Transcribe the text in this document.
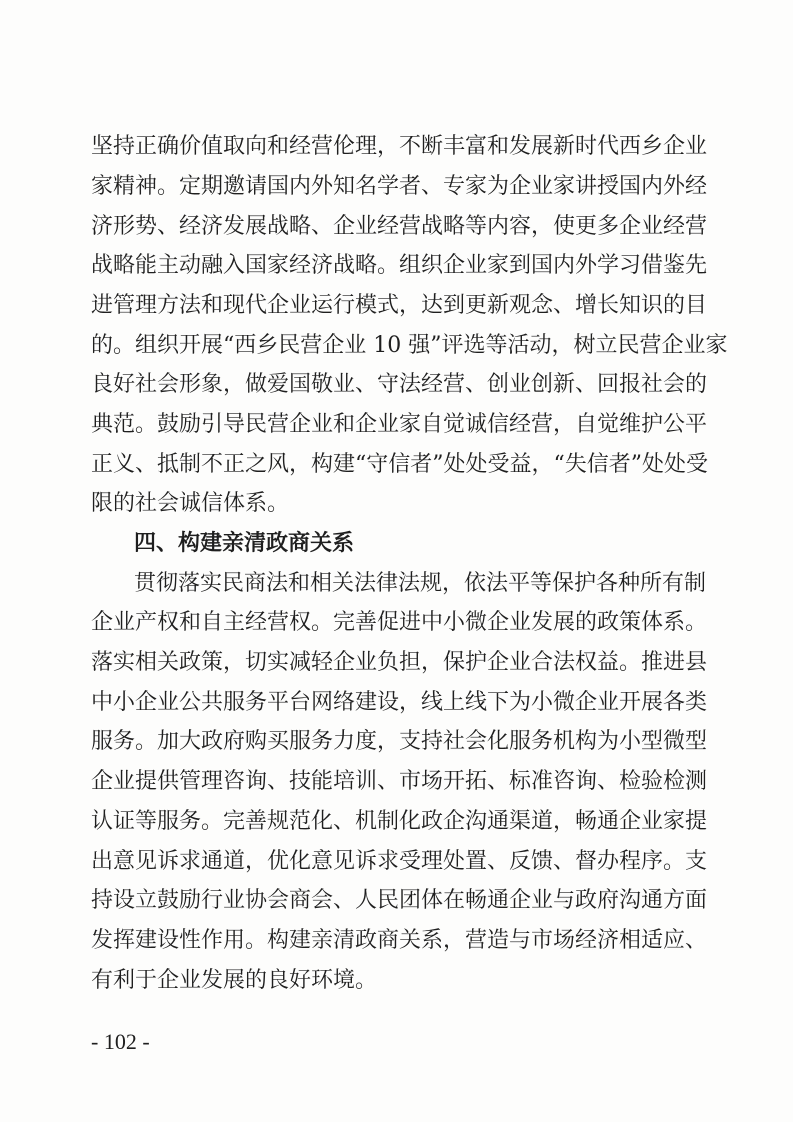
坚持正确价值取向和经营伦理，不断丰富和发展新时代西乡企业
家精神。定期邀请国内外知名学者、专家为企业家讲授国内外经
济形势、经济发展战略、企业经营战略等内容，使更多企业经营
战略能主动融入国家经济战略。组织企业家到国内外学习借鉴先
进管理方法和现代企业运行模式，达到更新观念、增长知识的目
的。组织开展“西乡民营企业 10 强”评选等活动，树立民营企业家
良好社会形象，做爱国敬业、守法经营、创业创新、回报社会的
典范。鼓励引导民营企业和企业家自觉诚信经营，自觉维护公平
正义、抵制不正之风，构建“守信者”处处受益，“失信者”处处受
限的社会诚信体系。
四、构建亲清政商关系
贯彻落实民商法和相关法律法规，依法平等保护各种所有制
企业产权和自主经营权。完善促进中小微企业发展的政策体系。
落实相关政策，切实减轻企业负担，保护企业合法权益。推进县
中小企业公共服务平台网络建设，线上线下为小微企业开展各类
服务。加大政府购买服务力度，支持社会化服务机构为小型微型
企业提供管理咨询、技能培训、市场开拓、标准咨询、检验检测
认证等服务。完善规范化、机制化政企沟通渠道，畅通企业家提
出意见诉求通道，优化意见诉求受理处置、反馈、督办程序。支
持设立鼓励行业协会商会、人民团体在畅通企业与政府沟通方面
发挥建设性作用。构建亲清政商关系，营造与市场经济相适应、
有利于企业发展的良好环境。
- 102 -
